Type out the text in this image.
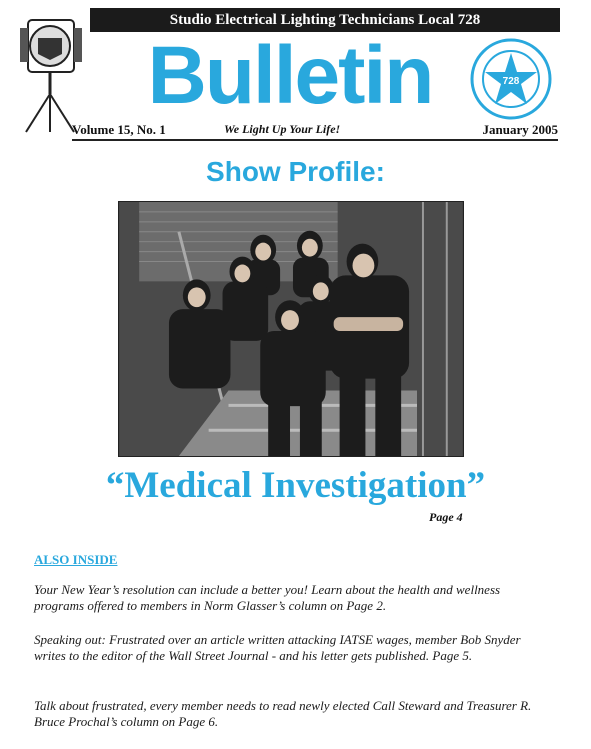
Studio Electrical Lighting Technicians Local 728
Bulletin	728
Volume 15, No. 1	We Light Up Your Life!	January 2005
Show Profile:
“Medical Investigation”
Page 4
ALSO INSIDE

Your New Year’s resolution can include a better you! Learn about the health and wellness programs offered to members in Norm Glasser’s column on Page 2.

Speaking out: Frustrated over an article written attacking IATSE wages, member Bob Snyder writes to the editor of the Wall Street Journal - and his letter gets published. Page 5.

Talk about frustrated, every member needs to read newly elected Call Steward and Treasurer R. Bruce Prochal’s column on Page 6.
